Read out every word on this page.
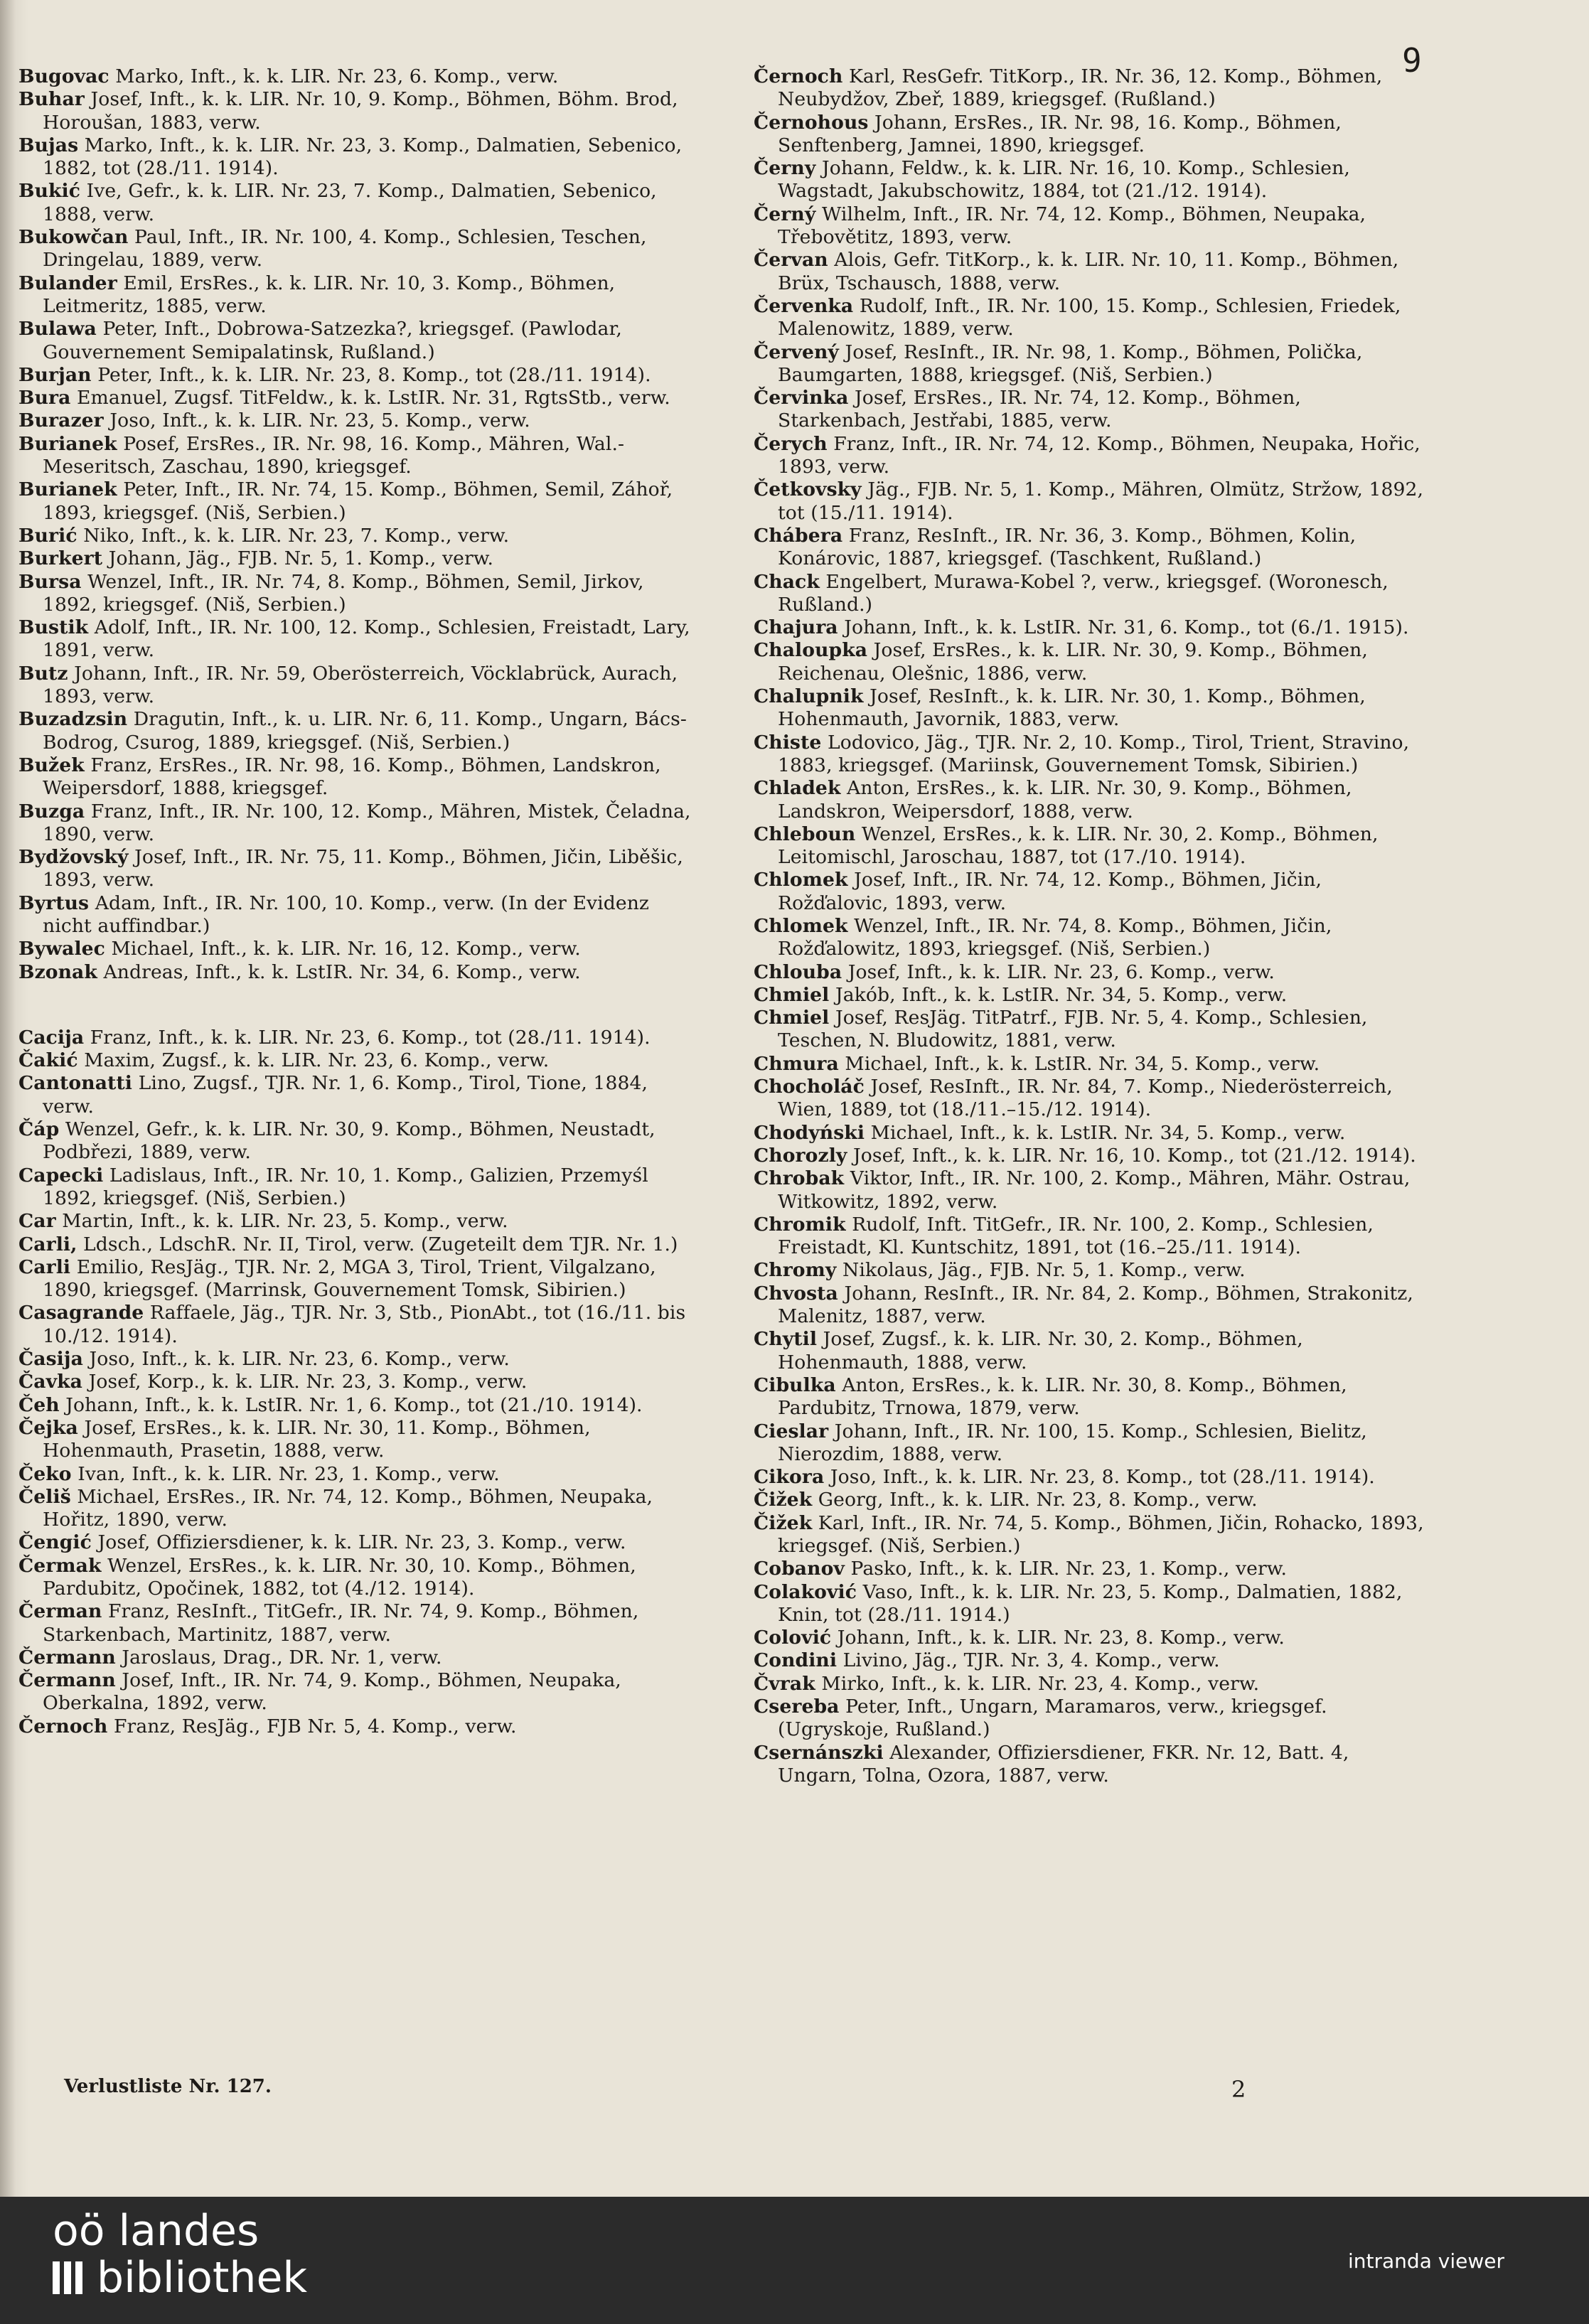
9

Bugovac Marko, Inft., k. k. LIR. Nr. 23, 6. Komp., verw.

Buhar Josef, Inft., k. k. LIR. Nr. 10, 9. Komp., Böhmen, Böhm. Brod, Horoušan, 1883, verw.

Bujas Marko, Inft., k. k. LIR. Nr. 23, 3. Komp., Dalmatien, Sebenico, 1882, tot (28./11. 1914).

Bukić Ive, Gefr., k. k. LIR. Nr. 23, 7. Komp., Dalmatien, Sebenico, 1888, verw.

Bukowčan Paul, Inft., IR. Nr. 100, 4. Komp., Schlesien, Teschen, Dringelau, 1889, verw.

Bulander Emil, ErsRes., k. k. LIR. Nr. 10, 3. Komp., Böhmen, Leitmeritz, 1885, verw.

Bulawa Peter, Inft., Dobrowa-Satzezka?, kriegsgef. (Pawlodar, Gouvernement Semipalatinsk, Rußland.)

Burjan Peter, Inft., k. k. LIR. Nr. 23, 8. Komp., tot (28./11. 1914).

Bura Emanuel, Zugsf. TitFeldw., k. k. LstIR. Nr. 31, RgtsStb., verw.

Burazer Joso, Inft., k. k. LIR. Nr. 23, 5. Komp., verw.

Burianek Posef, ErsRes., IR. Nr. 98, 16. Komp., Mähren, Wal.-Meseritsch, Zaschau, 1890, kriegsgef.

Burianek Peter, Inft., IR. Nr. 74, 15. Komp., Böhmen, Semil, Záhoř, 1893, kriegsgef. (Niš, Serbien.)

Burić Niko, Inft., k. k. LIR. Nr. 23, 7. Komp., verw.

Burkert Johann, Jäg., FJB. Nr. 5, 1. Komp., verw.

Bursa Wenzel, Inft., IR. Nr. 74, 8. Komp., Böhmen, Semil, Jirkov, 1892, kriegsgef. (Niš, Serbien.)

Bustik Adolf, Inft., IR. Nr. 100, 12. Komp., Schlesien, Freistadt, Lary, 1891, verw.

Butz Johann, Inft., IR. Nr. 59, Oberösterreich, Vöcklabrück, Aurach, 1893, verw.

Buzadzsin Dragutin, Inft., k. u. LIR. Nr. 6, 11. Komp., Ungarn, Bács-Bodrog, Csurog, 1889, kriegsgef. (Niš, Serbien.)

Bužek Franz, ErsRes., IR. Nr. 98, 16. Komp., Böhmen, Landskron, Weipersdorf, 1888, kriegsgef.

Buzga Franz, Inft., IR. Nr. 100, 12. Komp., Mähren, Mistek, Čeladna, 1890, verw.

Bydžovský Josef, Inft., IR. Nr. 75, 11. Komp., Böhmen, Jičin, Liběšic, 1893, verw.

Byrtus Adam, Inft., IR. Nr. 100, 10. Komp., verw. (In der Evidenz nicht auffindbar.)

Bywalec Michael, Inft., k. k. LIR. Nr. 16, 12. Komp., verw.

Bzonak Andreas, Inft., k. k. LstIR. Nr. 34, 6. Komp., verw.

Cacija Franz, Inft., k. k. LIR. Nr. 23, 6. Komp., tot (28./11. 1914).

Čakić Maxim, Zugsf., k. k. LIR. Nr. 23, 6. Komp., verw.

Cantonatti Lino, Zugsf., TJR. Nr. 1, 6. Komp., Tirol, Tione, 1884, verw.

Čáp Wenzel, Gefr., k. k. LIR. Nr. 30, 9. Komp., Böhmen, Neustadt, Podbřezi, 1889, verw.

Capecki Ladislaus, Inft., IR. Nr. 10, 1. Komp., Galizien, Przemyśl 1892, kriegsgef. (Niš, Serbien.)

Car Martin, Inft., k. k. LIR. Nr. 23, 5. Komp., verw.

Carli, Ldsch., LdschR. Nr. II, Tirol, verw. (Zugeteilt dem TJR. Nr. 1.)

Carli Emilio, ResJäg., TJR. Nr. 2, MGA 3, Tirol, Trient, Vilgalzano, 1890, kriegsgef. (Marrinsk, Gouvernement Tomsk, Sibirien.)

Casagrande Raffaele, Jäg., TJR. Nr. 3, Stb., PionAbt., tot (16./11. bis 10./12. 1914).

Časija Joso, Inft., k. k. LIR. Nr. 23, 6. Komp., verw.

Čavka Josef, Korp., k. k. LIR. Nr. 23, 3. Komp., verw.

Čeh Johann, Inft., k. k. LstIR. Nr. 1, 6. Komp., tot (21./10. 1914).

Čejka Josef, ErsRes., k. k. LIR. Nr. 30, 11. Komp., Böhmen, Hohenmauth, Prasetin, 1888, verw.

Čeko Ivan, Inft., k. k. LIR. Nr. 23, 1. Komp., verw.

Čeliš Michael, ErsRes., IR. Nr. 74, 12. Komp., Böhmen, Neupaka, Hořitz, 1890, verw.

Čengić Josef, Offiziersdiener, k. k. LIR. Nr. 23, 3. Komp., verw.

Čermak Wenzel, ErsRes., k. k. LIR. Nr. 30, 10. Komp., Böhmen, Pardubitz, Opočinek, 1882, tot (4./12. 1914).

Čerman Franz, ResInft., TitGefr., IR. Nr. 74, 9. Komp., Böhmen, Starkenbach, Martinitz, 1887, verw.

Čermann Jaroslaus, Drag., DR. Nr. 1, verw.

Čermann Josef, Inft., IR. Nr. 74, 9. Komp., Böhmen, Neupaka, Oberkalna, 1892, verw.

Černoch Franz, ResJäg., FJB Nr. 5, 4. Komp., verw.

Černoch Karl, ResGefr. TitKorp., IR. Nr. 36, 12. Komp., Böhmen, Neubydžov, Zbeř, 1889, kriegsgef. (Rußland.)

Černohous Johann, ErsRes., IR. Nr. 98, 16. Komp., Böhmen, Senftenberg, Jamnei, 1890, kriegsgef.

Černy Johann, Feldw., k. k. LIR. Nr. 16, 10. Komp., Schlesien, Wagstadt, Jakubschowitz, 1884, tot (21./12. 1914).

Černý Wilhelm, Inft., IR. Nr. 74, 12. Komp., Böhmen, Neupaka, Třebovětitz, 1893, verw.

Červan Alois, Gefr. TitKorp., k. k. LIR. Nr. 10, 11. Komp., Böhmen, Brüx, Tschausch, 1888, verw.

Červenka Rudolf, Inft., IR. Nr. 100, 15. Komp., Schlesien, Friedek, Malenowitz, 1889, verw.

Červený Josef, ResInft., IR. Nr. 98, 1. Komp., Böhmen, Polička, Baumgarten, 1888, kriegsgef. (Niš, Serbien.)

Červinka Josef, ErsRes., IR. Nr. 74, 12. Komp., Böhmen, Starkenbach, Jestřabi, 1885, verw.

Čerych Franz, Inft., IR. Nr. 74, 12. Komp., Böhmen, Neupaka, Hořic, 1893, verw.

Četkovsky Jäg., FJB. Nr. 5, 1. Komp., Mähren, Olmütz, Stržow, 1892, tot (15./11. 1914).

Chábera Franz, ResInft., IR. Nr. 36, 3. Komp., Böhmen, Kolin, Konárovic, 1887, kriegsgef. (Taschkent, Rußland.)

Chack Engelbert, Murawa-Kobel ?, verw., kriegsgef. (Woronesch, Rußland.)

Chajura Johann, Inft., k. k. LstIR. Nr. 31, 6. Komp., tot (6./1. 1915).

Chaloupka Josef, ErsRes., k. k. LIR. Nr. 30, 9. Komp., Böhmen, Reichenau, Olešnic, 1886, verw.

Chalupnik Josef, ResInft., k. k. LIR. Nr. 30, 1. Komp., Böhmen, Hohenmauth, Javornik, 1883, verw.

Chiste Lodovico, Jäg., TJR. Nr. 2, 10. Komp., Tirol, Trient, Stravino, 1883, kriegsgef. (Mariinsk, Gouvernement Tomsk, Sibirien.)

Chladek Anton, ErsRes., k. k. LIR. Nr. 30, 9. Komp., Böhmen, Landskron, Weipersdorf, 1888, verw.

Chleboun Wenzel, ErsRes., k. k. LIR. Nr. 30, 2. Komp., Böhmen, Leitomischl, Jaroschau, 1887, tot (17./10. 1914).

Chlomek Josef, Inft., IR. Nr. 74, 12. Komp., Böhmen, Jičin, Rožďalovic, 1893, verw.

Chlomek Wenzel, Inft., IR. Nr. 74, 8. Komp., Böhmen, Jičin, Rožďalowitz, 1893, kriegsgef. (Niš, Serbien.)

Chlouba Josef, Inft., k. k. LIR. Nr. 23, 6. Komp., verw.

Chmiel Jakób, Inft., k. k. LstIR. Nr. 34, 5. Komp., verw.

Chmiel Josef, ResJäg. TitPatrf., FJB. Nr. 5, 4. Komp., Schlesien, Teschen, N. Bludowitz, 1881, verw.

Chmura Michael, Inft., k. k. LstIR. Nr. 34, 5. Komp., verw.

Chocholáč Josef, ResInft., IR. Nr. 84, 7. Komp., Niederösterreich, Wien, 1889, tot (18./11.–15./12. 1914).

Chodyński Michael, Inft., k. k. LstIR. Nr. 34, 5. Komp., verw.

Chorozly Josef, Inft., k. k. LIR. Nr. 16, 10. Komp., tot (21./12. 1914).

Chrobak Viktor, Inft., IR. Nr. 100, 2. Komp., Mähren, Mähr. Ostrau, Witkowitz, 1892, verw.

Chromik Rudolf, Inft. TitGefr., IR. Nr. 100, 2. Komp., Schlesien, Freistadt, Kl. Kuntschitz, 1891, tot (16.–25./11. 1914).

Chromy Nikolaus, Jäg., FJB. Nr. 5, 1. Komp., verw.

Chvosta Johann, ResInft., IR. Nr. 84, 2. Komp., Böhmen, Strakonitz, Malenitz, 1887, verw.

Chytil Josef, Zugsf., k. k. LIR. Nr. 30, 2. Komp., Böhmen, Hohenmauth, 1888, verw.

Cibulka Anton, ErsRes., k. k. LIR. Nr. 30, 8. Komp., Böhmen, Pardubitz, Trnowa, 1879, verw.

Cieslar Johann, Inft., IR. Nr. 100, 15. Komp., Schlesien, Bielitz, Nierozdim, 1888, verw.

Cikora Joso, Inft., k. k. LIR. Nr. 23, 8. Komp., tot (28./11. 1914).

Čižek Georg, Inft., k. k. LIR. Nr. 23, 8. Komp., verw.

Čižek Karl, Inft., IR. Nr. 74, 5. Komp., Böhmen, Jičin, Rohacko, 1893, kriegsgef. (Niš, Serbien.)

Cobanov Pasko, Inft., k. k. LIR. Nr. 23, 1. Komp., verw.

Colaković Vaso, Inft., k. k. LIR. Nr. 23, 5. Komp., Dalmatien, 1882, Knin, tot (28./11. 1914.)

Colović Johann, Inft., k. k. LIR. Nr. 23, 8. Komp., verw.

Condini Livino, Jäg., TJR. Nr. 3, 4. Komp., verw.

Čvrak Mirko, Inft., k. k. LIR. Nr. 23, 4. Komp., verw.

Cserebа Peter, Inft., Ungarn, Maramaros, verw., kriegsgef. (Ugryskoje, Rußland.)

Csernánszki Alexander, Offiziersdiener, FKR. Nr. 12, Batt. 4, Ungarn, Tolna, Ozora, 1887, verw.

Verlustliste Nr. 127.	2
oö landes
bibliothek	intranda viewer
